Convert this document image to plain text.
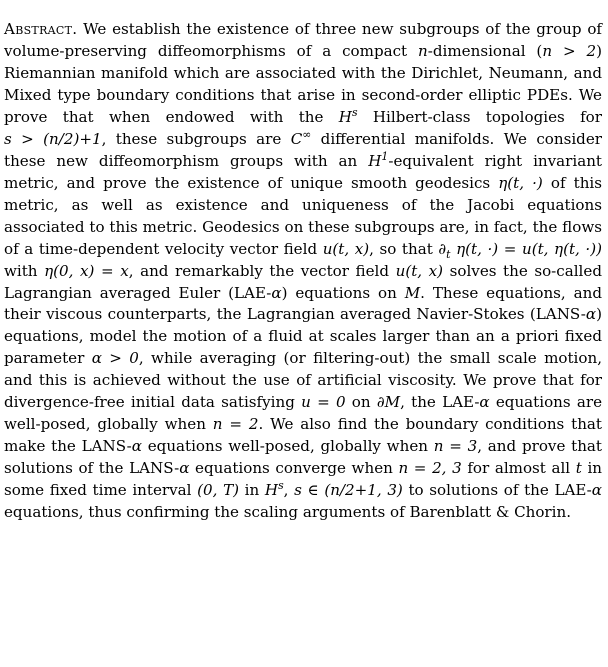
Abstract. We establish the existence of three new subgroups of the group of volume-preserving diffeomorphisms of a compact n-dimensional (n > 2) Riemannian manifold which are associated with the Dirichlet, Neumann, and Mixed type boundary conditions that arise in second-order elliptic PDEs. We prove that when endowed with the $H^s$ Hilbert-class topologies for s > (n/2)+1, these subgroups are C∞ differential manifolds. We consider these new diffeomorphism groups with an $H^1$-equivalent right invariant metric, and prove the existence of unique smooth geodesics η(t, ·) of this metric, as well as existence and uniqueness of the Jacobi equations associated to this metric. Geodesics on these subgroups are, in fact, the flows of a time-dependent velocity vector field u(t, x), so that $\partial_t$ η(t, ·) = u(t, η(t, ·)) with η(0, x) = x, and remarkably the vector field u(t, x) solves the so-called Lagrangian averaged Euler (LAE-α) equations on M. These equations, and their viscous counterparts, the Lagrangian averaged Navier-Stokes (LANS-α) equations, model the motion of a fluid at scales larger than an a priori fixed parameter α > 0, while averaging (or filtering-out) the small scale motion, and this is achieved without the use of artificial viscosity. We prove that for divergence-free initial data satisfying u = 0 on ∂M, the LAE-α equations are well-posed, globally when n = 2. We also find the boundary conditions that make the LANS-α equations well-posed, globally when n = 3, and prove that solutions of the LANS-α equations converge when n = 2, 3 for almost all t in some fixed time interval (0, T) in $H^s$, s ∈ (n/2+1, 3) to solutions of the LAE-α equations, thus confirming the scaling arguments of Barenblatt & Chorin.
